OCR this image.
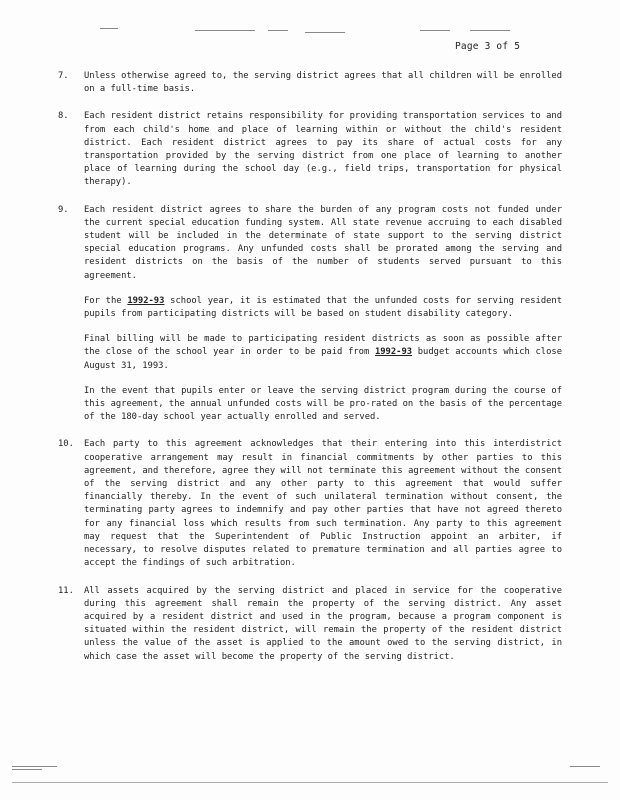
Page 3 of 5
7.	Unless otherwise agreed to, the serving district agrees that all children will be enrolled on a full-time basis.

8.	Each resident district retains responsibility for providing transportation services to and from each child's home and place of learning within or without the child's resident district. Each resident district agrees to pay its share of actual costs for any transportation provided by the serving district from one place of learning to another place of learning during the school day (e.g., field trips, transportation for physical therapy).

9.	Each resident district agrees to share the burden of any program costs not funded under the current special education funding system. All state revenue accruing to each disabled student will be included in the determinate of state support to the serving district special education programs. Any unfunded costs shall be prorated among the serving and resident districts on the basis of the number of students served pursuant to this agreement.

For the 1992-93 school year, it is estimated that the unfunded costs for serving resident pupils from participating districts will be based on student disability category.

Final billing will be made to participating resident districts as soon as possible after the close of the school year in order to be paid from 1992-93 budget accounts which close August 31, 1993.

In the event that pupils enter or leave the serving district program during the course of this agreement, the annual unfunded costs will be pro-rated on the basis of the percentage of the 180-day school year actually enrolled and served.

10.	Each party to this agreement acknowledges that their entering into this interdistrict cooperative arrangement may result in financial commitments by other parties to this agreement, and therefore, agree they will not terminate this agreement without the consent of the serving district and any other party to this agreement that would suffer financially thereby. In the event of such unilateral termination without consent, the terminating party agrees to indemnify and pay other parties that have not agreed thereto for any financial loss which results from such termination. Any party to this agreement may request that the Superintendent of Public Instruction appoint an arbiter, if necessary, to resolve disputes related to premature termination and all parties agree to accept the findings of such arbitration.

11.	All assets acquired by the serving district and placed in service for the cooperative during this agreement shall remain the property of the serving district. Any asset acquired by a resident district and used in the program, because a program component is situated within the resident district, will remain the property of the resident district unless the value of the asset is applied to the amount owed to the serving district, in which case the asset will become the property of the serving district.
